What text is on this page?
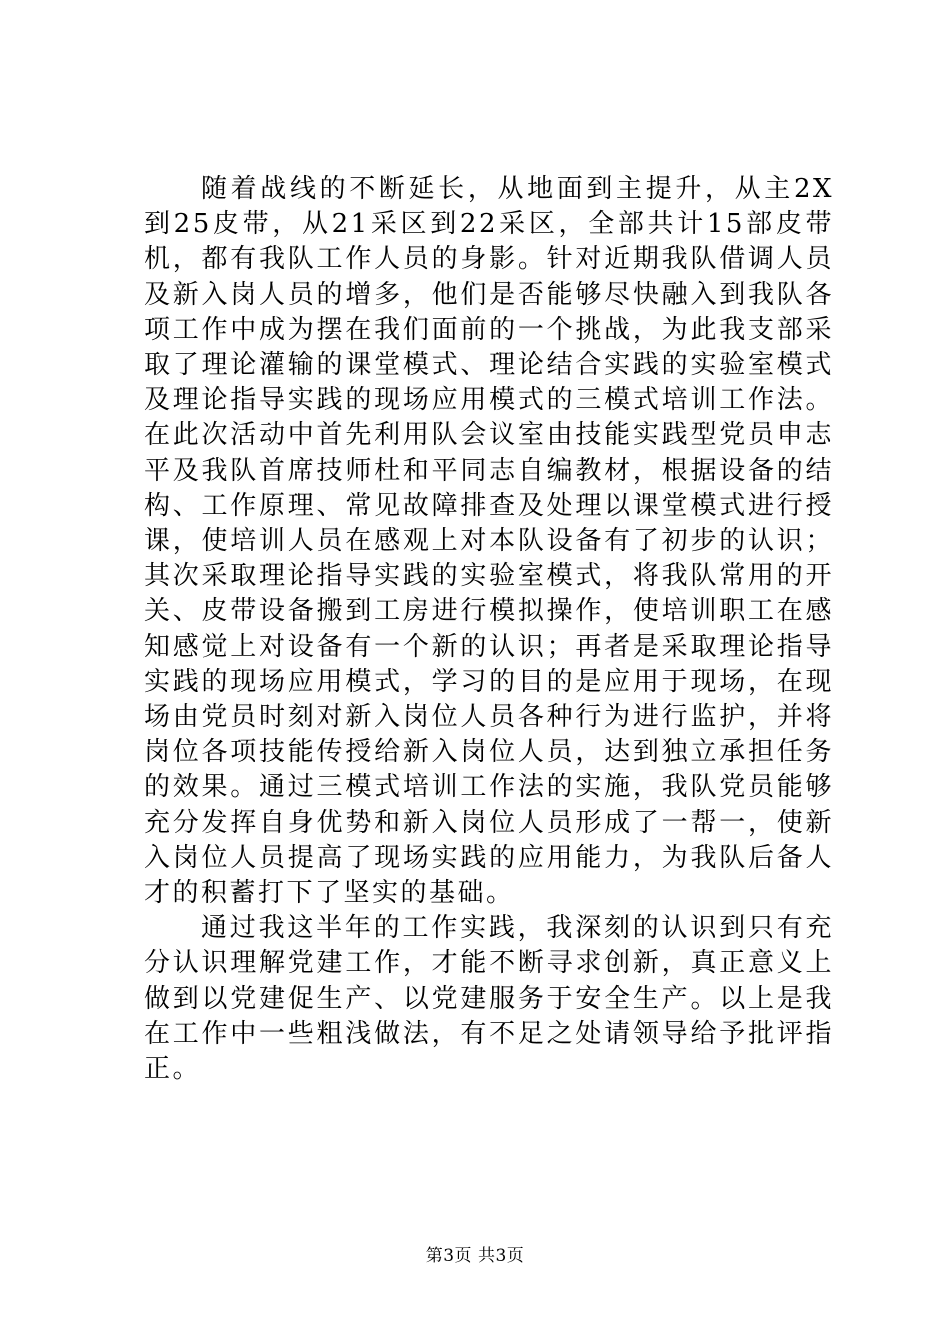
随着战线的不断延长，从地面到主提升，从主2X到25皮带，从21采区到22采区，全部共计15部皮带机，都有我队工作人员的身影。针对近期我队借调人员及新入岗人员的增多，他们是否能够尽快融入到我队各项工作中成为摆在我们面前的一个挑战，为此我支部采取了理论灌输的课堂模式、理论结合实践的实验室模式及理论指导实践的现场应用模式的三模式培训工作法。在此次活动中首先利用队会议室由技能实践型党员申志平及我队首席技师杜和平同志自编教材，根据设备的结构、工作原理、常见故障排查及处理以课堂模式进行授课，使培训人员在感观上对本队设备有了初步的认识；其次采取理论指导实践的实验室模式，将我队常用的开关、皮带设备搬到工房进行模拟操作，使培训职工在感知感觉上对设备有一个新的认识；再者是采取理论指导实践的现场应用模式，学习的目的是应用于现场，在现场由党员时刻对新入岗位人员各种行为进行监护，并将岗位各项技能传授给新入岗位人员，达到独立承担任务的效果。通过三模式培训工作法的实施，我队党员能够充分发挥自身优势和新入岗位人员形成了一帮一，使新入岗位人员提高了现场实践的应用能力，为我队后备人才的积蓄打下了坚实的基础。

通过我这半年的工作实践，我深刻的认识到只有充分认识理解党建工作，才能不断寻求创新，真正意义上做到以党建促生产、以党建服务于安全生产。以上是我在工作中一些粗浅做法，有不足之处请领导给予批评指正。

第3页 共3页
